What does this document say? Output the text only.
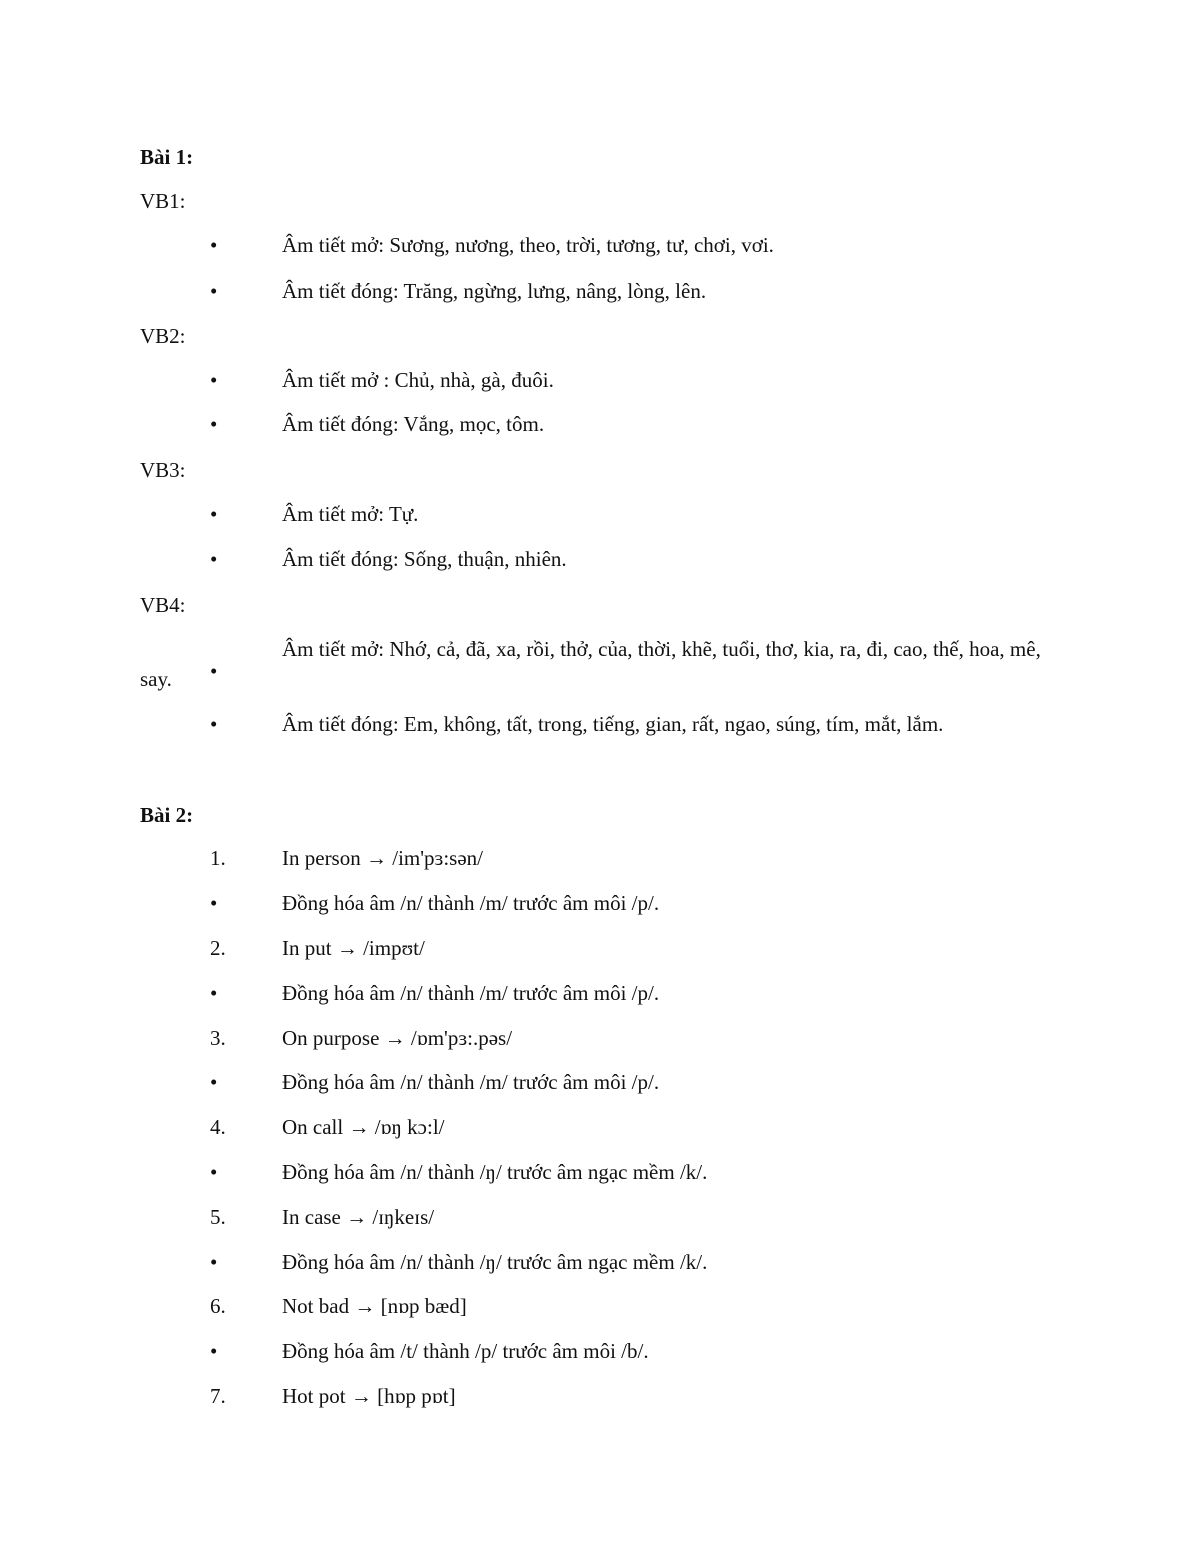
Bài 1:
VB1:
•	Âm tiết mở: Sương, nương, theo, trời, tương, tư, chơi, vơi.
•	Âm tiết đóng: Trăng, ngừng, lưng, nâng, lòng, lên.
VB2:
•	Âm tiết mở : Chủ, nhà, gà, đuôi.
•	Âm tiết đóng: Vắng, mọc, tôm.
VB3:
•	Âm tiết mở: Tự.
•	Âm tiết đóng: Sống, thuận, nhiên.
VB4:
•
Âm tiết mở: Nhớ, cả, đã, xa, rồi, thở, của, thời, khẽ, tuổi, thơ, kia, ra, đi, cao, thế, hoa, mê, say.
•	Âm tiết đóng: Em, không, tất, trong, tiếng, gian, rất, ngao, súng, tím, mắt, lắm.
Bài 2:
1.	In person → /im'pɜ:sən/
•	Đồng hóa âm /n/ thành /m/ trước âm môi /p/.
2.	In put → /impʊt/
•	Đồng hóa âm /n/ thành /m/ trước âm môi /p/.
3.	On purpose → /ɒm'pɜ:.pəs/
•	Đồng hóa âm /n/ thành /m/ trước âm môi /p/.
4.	On call → /ɒŋ kɔ:l/
•	Đồng hóa âm /n/ thành /ŋ/ trước âm ngạc mềm /k/.
5.	In case → /ɪŋkeɪs/
•	Đồng hóa âm /n/ thành /ŋ/ trước âm ngạc mềm /k/.
6.	Not bad → [nɒp bæd]
•	Đồng hóa âm /t/ thành /p/ trước âm môi /b/.
7.	Hot pot → [hɒp pɒt]
